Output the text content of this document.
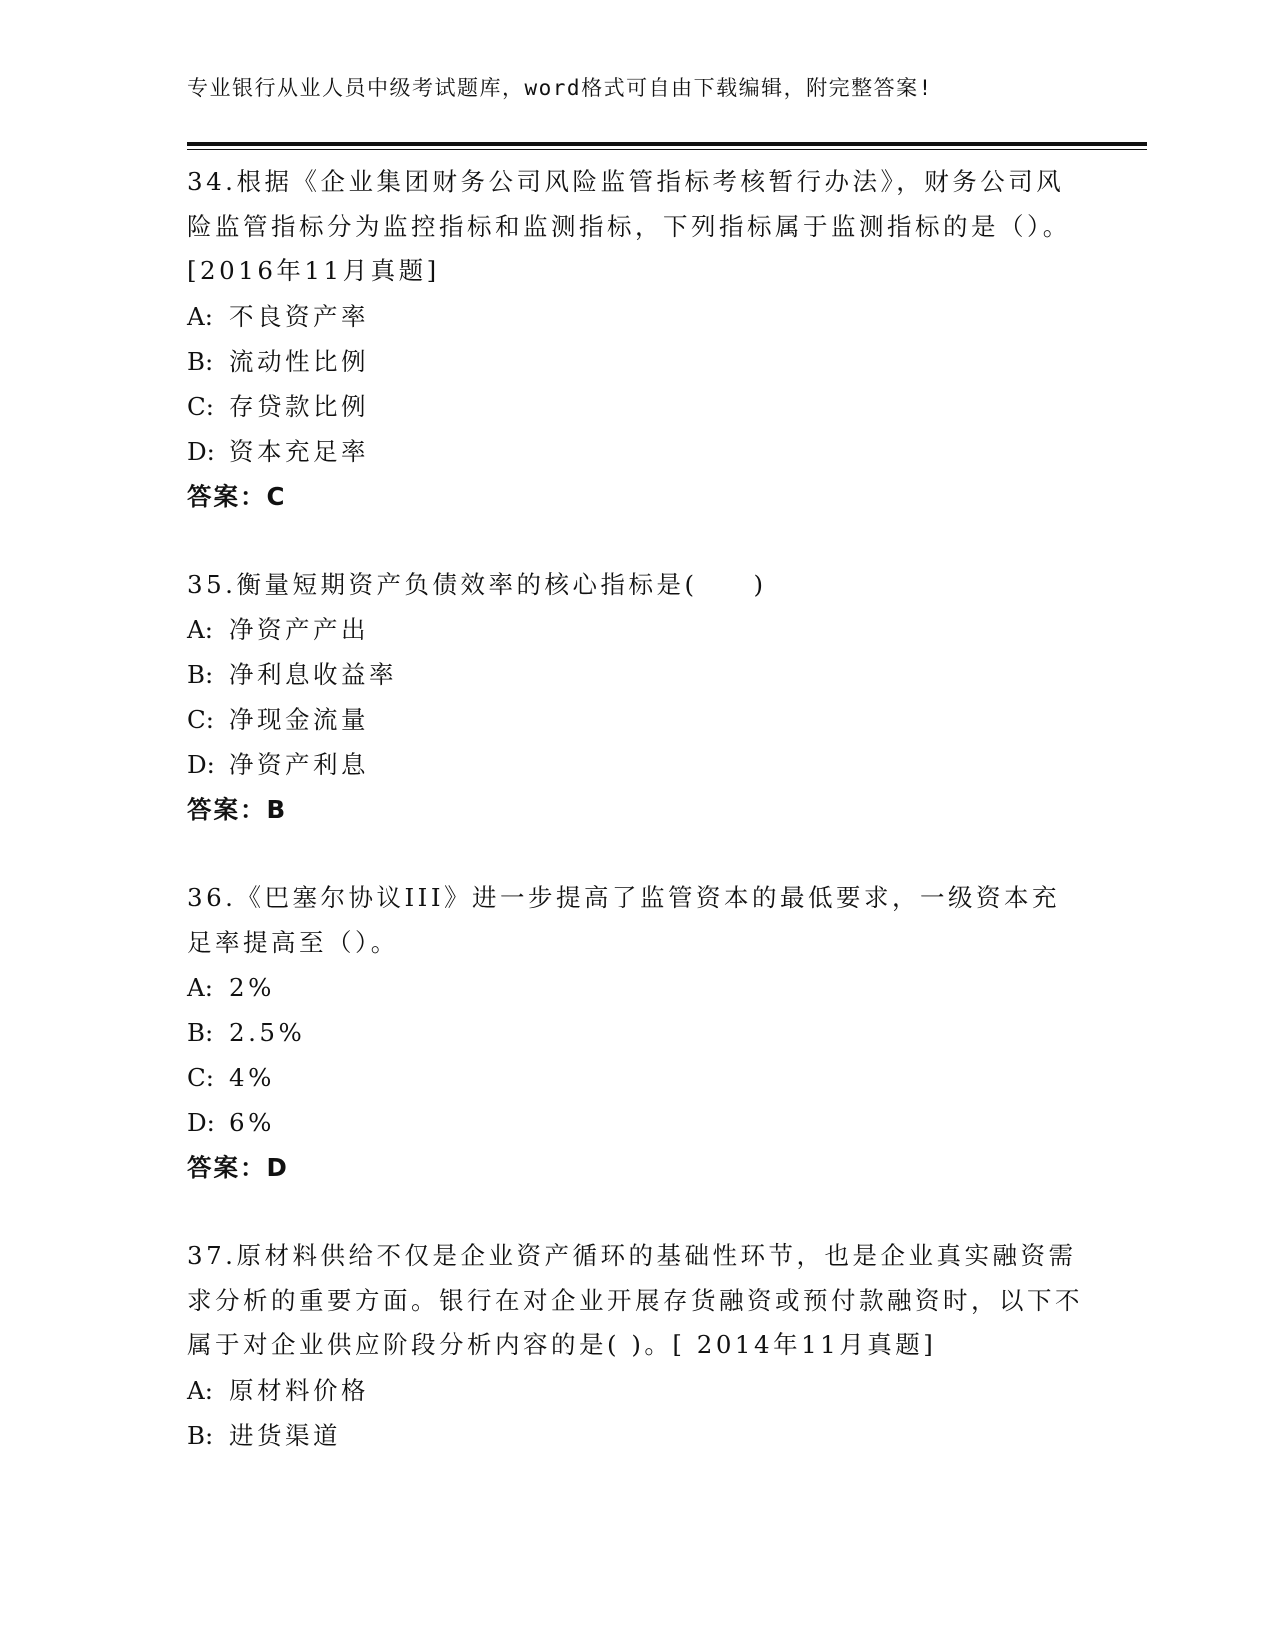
专业银行从业人员中级考试题库，word格式可自由下载编辑，附完整答案!

34.根据《企业集团财务公司风险监管指标考核暂行办法》，财务公司风险监管指标分为监控指标和监测指标，下列指标属于监测指标的是（）。[2016年11月真题]

A: 不良资产率

B: 流动性比例

C: 存贷款比例

D: 资本充足率

答案：C

35.衡量短期资产负债效率的核心指标是(　　)

A: 净资产产出

B: 净利息收益率

C: 净现金流量

D: 净资产利息

答案：B

36.《巴塞尔协议III》进一步提高了监管资本的最低要求，一级资本充足率提高至（）。

A: 2%

B: 2.5%

C: 4%

D: 6%

答案：D

37.原材料供给不仅是企业资产循环的基础性环节，也是企业真实融资需求分析的重要方面。银行在对企业开展存货融资或预付款融资时，以下不属于对企业供应阶段分析内容的是( )。[ 2014年11月真题]

A: 原材料价格

B: 进货渠道
